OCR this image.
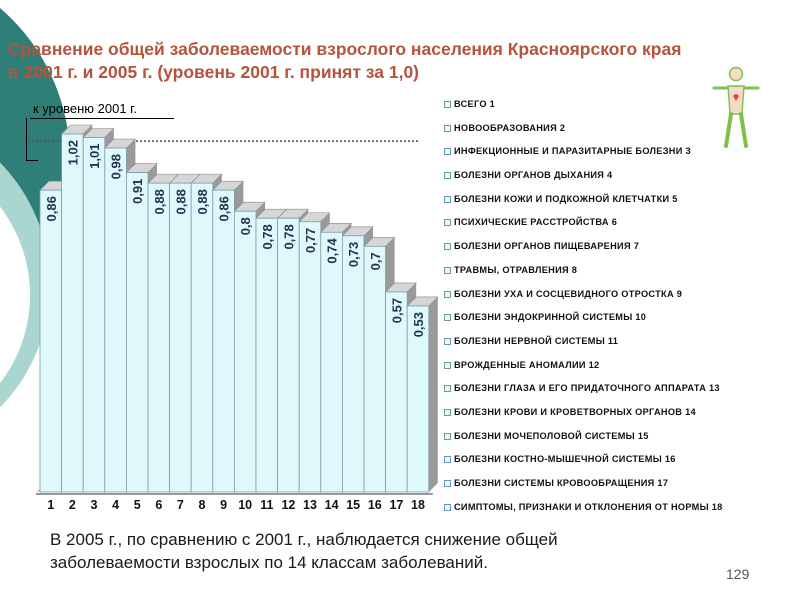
Сравнение общей заболеваемости взрослого населения Красноярского края
в 2001 г. и 2005 г. (уровень 2001 г. принят за 1,0)
0,86
1
1,02
2
1,01
3
0,98
4
0,91
5
0,88
6
0,88
7
0,88
8
0,86
9
0,8
10
0,78
11
0,78
12
0,77
13
0,74
14
0,73
15
0,7
16
0,57
17
0,53
18
к уровеню 2001 г.	ВСЕГО 1
НОВООБРАЗОВАНИЯ 2
ИНФЕКЦИОННЫЕ И ПАРАЗИТАРНЫЕ БОЛЕЗНИ 3
БОЛЕЗНИ ОРГАНОВ ДЫХАНИЯ 4
БОЛЕЗНИ КОЖИ И ПОДКОЖНОЙ КЛЕТЧАТКИ 5
ПСИХИЧЕСКИЕ РАССТРОЙСТВА 6
БОЛЕЗНИ ОРГАНОВ ПИЩЕВАРЕНИЯ 7
ТРАВМЫ, ОТРАВЛЕНИЯ 8
БОЛЕЗНИ УХА И СОСЦЕВИДНОГО ОТРОСТКА 9
БОЛЕЗНИ ЭНДОКРИННОЙ СИСТЕМЫ 10
БОЛЕЗНИ НЕРВНОЙ СИСТЕМЫ 11
ВРОЖДЕННЫЕ АНОМАЛИИ 12
БОЛЕЗНИ ГЛАЗА И ЕГО ПРИДАТОЧНОГО АППАРАТА 13
БОЛЕЗНИ КРОВИ И КРОВЕТВОРНЫХ ОРГАНОВ 14
БОЛЕЗНИ МОЧЕПОЛОВОЙ СИСТЕМЫ 15
БОЛЕЗНИ КОСТНО-МЫШЕЧНОЙ СИСТЕМЫ 16
БОЛЕЗНИ СИСТЕМЫ КРОВООБРАЩЕНИЯ 17
СИМПТОМЫ, ПРИЗНАКИ И ОТКЛОНЕНИЯ ОТ НОРМЫ 18
В 2005 г., по сравнению с 2001 г., наблюдается снижение общей заболеваемости взрослых по 14 классам заболеваний.
129
